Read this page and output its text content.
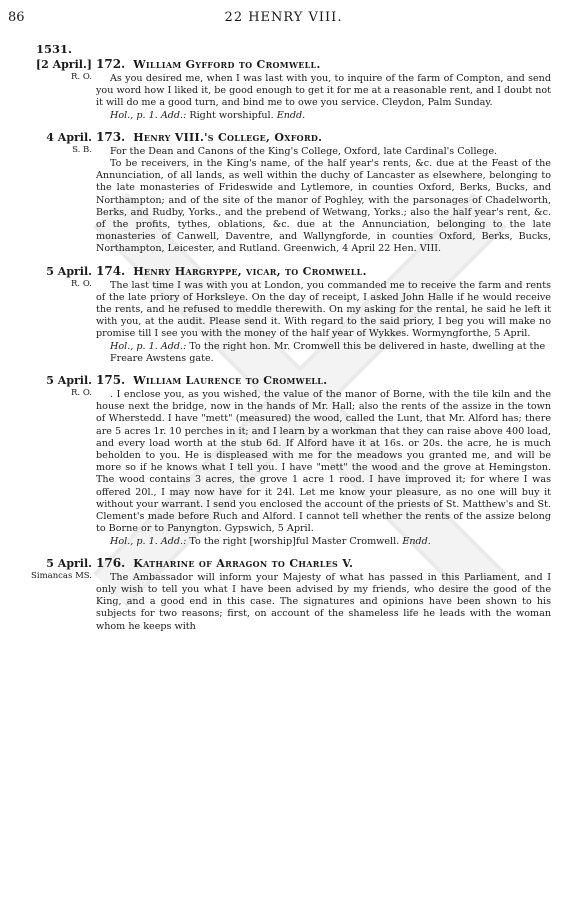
86	22 HENRY VIII.
1531.
[2 April.]
R. O.
172. William Gyfford to Cromwell.

As you desired me, when I was last with you, to inquire of the farm of Compton, and send you word how I liked it, be good enough to get it for me at a reasonable rent, and I doubt not it will do me a good turn, and bind me to owe you service. Cleydon, Palm Sunday.

Hol., p. 1. Add.: Right worshipful. Endd.
4 April.
S. B.
173. Henry VIII.'s College, Oxford.

For the Dean and Canons of the King's College, Oxford, late Cardinal's College.

To be receivers, in the King's name, of the half year's rents, &c. due at the Feast of the Annunciation, of all lands, as well within the duchy of Lancaster as elsewhere, belonging to the late monasteries of Frideswide and Lytlemore, in counties Oxford, Berks, Bucks, and Northampton; and of the site of the manor of Poghley, with the parsonages of Chadelworth, Berks, and Rudby, Yorks., and the prebend of Wetwang, Yorks.; also the half year's rent, &c. of the profits, tythes, oblations, &c. due at the Annunciation, belonging to the late monasteries of Canwell, Daventre, and Wallyngforde, in counties Oxford, Berks, Bucks, Northampton, Leicester, and Rutland. Greenwich, 4 April 22 Hen. VIII.

5 April.
R. O.
174. Henry Hargryppe, vicar, to Cromwell.

The last time I was with you at London, you commanded me to receive the farm and rents of the late priory of Horksleye. On the day of receipt, I asked John Halle if he would receive the rents, and he refused to meddle therewith. On my asking for the rental, he said he left it with you, at the audit. Please send it. With regard to the said priory, I beg you will make no promise till I see you with the money of the half year of Wykkes. Wormyngforthe, 5 April.

Hol., p. 1. Add.: To the right hon. Mr. Cromwell this be delivered in haste, dwelling at the Freare Awstens gate.
5 April.
R. O.
175. William Laurence to Cromwell.

. I enclose you, as you wished, the value of the manor of Borne, with the tile kiln and the house next the bridge, now in the hands of Mr. Hall; also the rents of the assize in the town of Wherstedd. I have "mett" (measured) the wood, called the Lunt, that Mr. Alford has; there are 5 acres 1r. 10 perches in it; and I learn by a workman that they can raise above 400 load, and every load worth at the stub 6d. If Alford have it at 16s. or 20s. the acre, he is much beholden to you. He is displeased with me for the meadows you granted me, and will be more so if he knows what I tell you. I have "mett" the wood and the grove at Hemingston. The wood contains 3 acres, the grove 1 acre 1 rood. I have improved it; for where I was offered 20l., I may now have for it 24l. Let me know your pleasure, as no one will buy it without your warrant. I send you enclosed the account of the priests of St. Matthew's and St. Clement's made before Ruch and Alford. I cannot tell whether the rents of the assize belong to Borne or to Panyngton. Gypswich, 5 April.

Hol., p. 1. Add.: To the right [worship]ful Master Cromwell. Endd.
5 April.
Simancas MS.
176. Katharine of Arragon to Charles V.

The Ambassador will inform your Majesty of what has passed in this Parliament, and I only wish to tell you what I have been advised by my friends, who desire the good of the King, and a good end in this case. The signatures and opinions have been shown to his subjects for two reasons; first, on account of the shameless life he leads with the woman whom he keeps with
